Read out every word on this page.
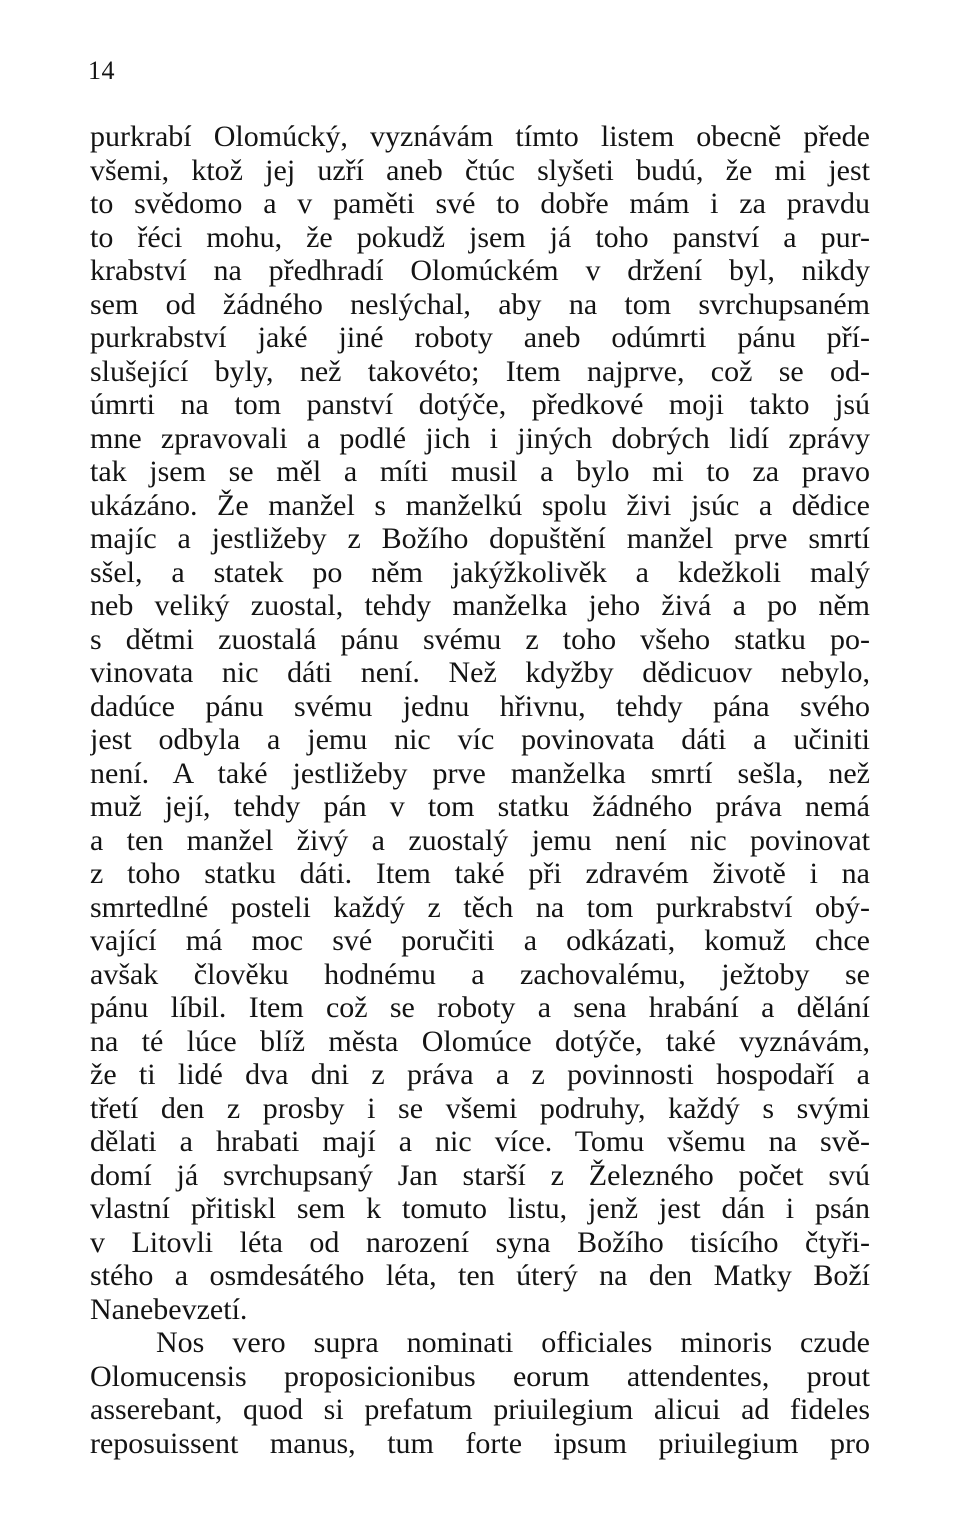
14
purkrabí Olomúcký, vyznávám tímto listem obecně přede
všemi, ktož jej uzří aneb čtúc slyšeti budú, že mi jest
to svědomo a v paměti své to dobře mám i za pravdu
to řéci mohu, že pokudž jsem já toho panství a pur-
krabství na předhradí Olomúckém v držení byl, nikdy
sem od žádného neslýchal, aby na tom svrchupsaném
purkrabství jaké jiné roboty aneb odúmrti pánu pří-
slušející byly, než takovéto; Item najprve, což se od-
úmrti na tom panství dotýče, předkové moji takto jsú
mne zpravovali a podlé jich i jiných dobrých lidí zprávy
tak jsem se měl a míti musil a bylo mi to za pravo
ukázáno. Že manžel s manželkú spolu živi jsúc a dědice
majíc a jestližeby z Božího dopuštění manžel prve smrtí
sšel, a statek po něm jakýžkolivěk a kdežkoli malý
neb veliký zuostal, tehdy manželka jeho živá a po něm
s dětmi zuostalá pánu svému z toho všeho statku po-
vinovata nic dáti není. Než kdyžby dědicuov nebylo,
dadúce pánu svému jednu hřivnu, tehdy pána svého
jest odbyla a jemu nic víc povinovata dáti a učiniti
není. A také jestližeby prve manželka smrtí sešla, než
muž její, tehdy pán v tom statku žádného práva nemá
a ten manžel živý a zuostalý jemu není nic povinovat
z toho statku dáti. Item také při zdravém životě i na
smrtedlné posteli každý z těch na tom purkrabství obý-
vající má moc své poručiti a odkázati, komuž chce
avšak člověku hodnému a zachovalému, ježtoby se
pánu líbil. Item což se roboty a sena hrabání a dělání
na té lúce blíž města Olomúce dotýče, také vyznávám,
že ti lidé dva dni z práva a z povinnosti hospodaří a
třetí den z prosby i se všemi podruhy, každý s svými
dělati a hrabati mají a nic více. Tomu všemu na svě-
domí já svrchupsaný Jan starší z Železného počet svú
vlastní přitiskl sem k tomuto listu, jenž jest dán i psán
v Litovli léta od narození syna Božího tisícího čtyři-
stého a osmdesátého léta, ten úterý na den Matky Boží
Nanebevzetí.
Nos vero supra nominati officiales minoris czude
Olomucensis proposicionibus eorum attendentes, prout
asserebant, quod si prefatum priuilegium alicui ad fideles
reposuissent manus, tum forte ipsum priuilegium pro
